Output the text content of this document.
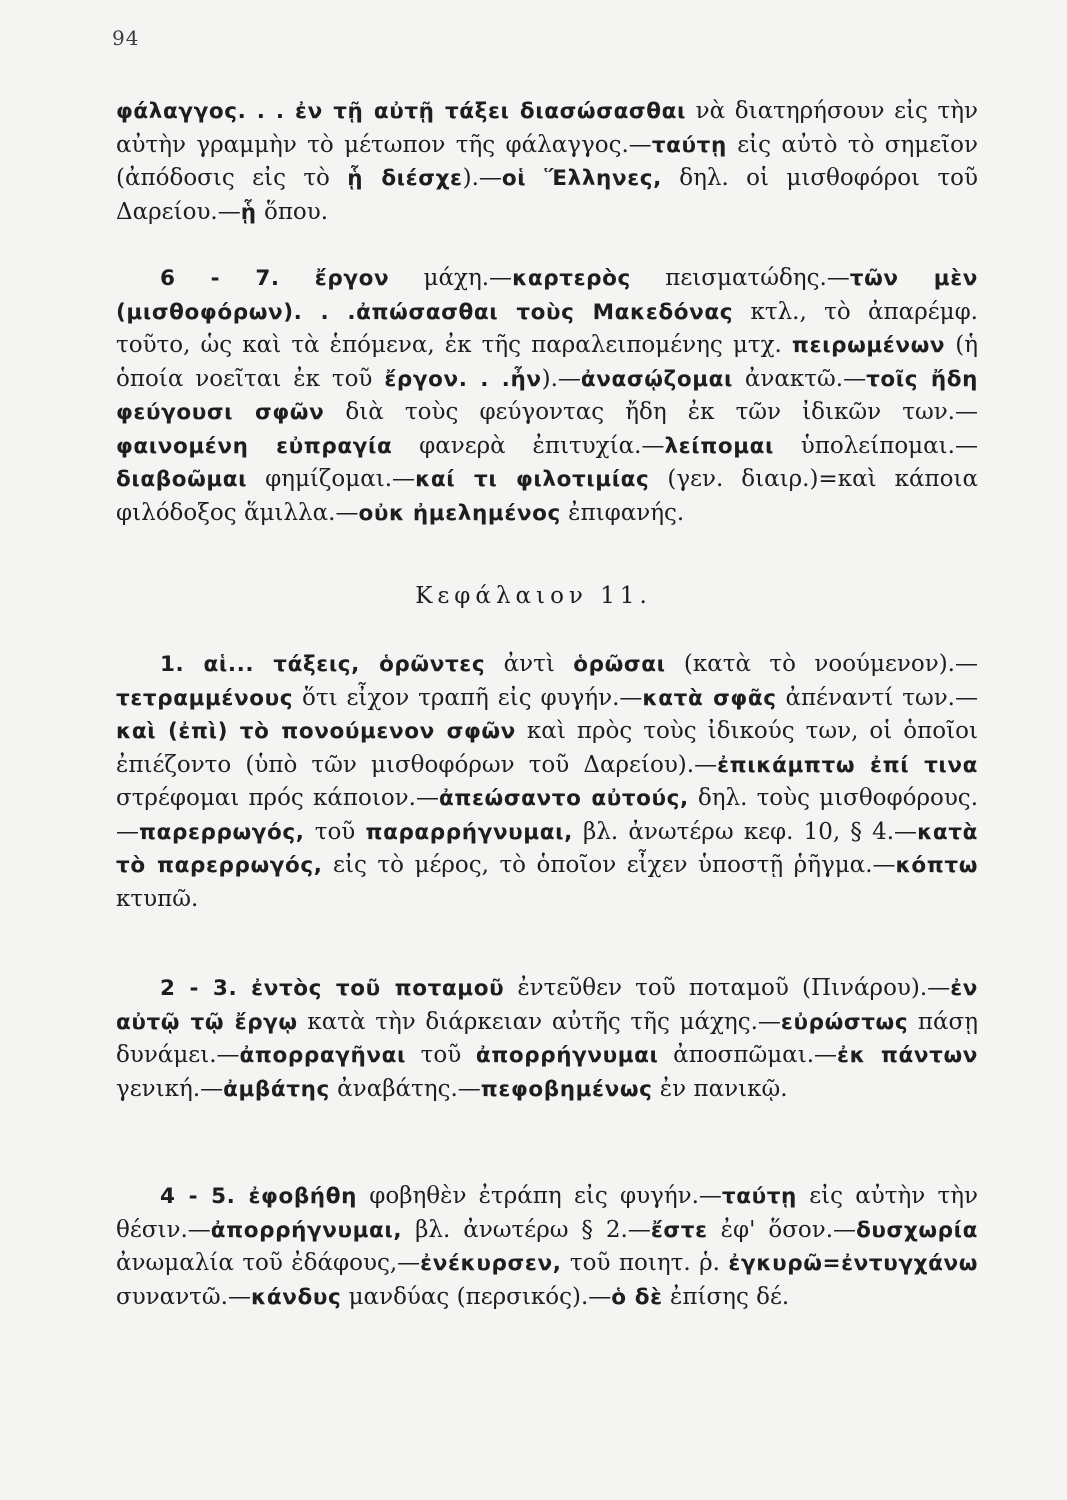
94

φάλαγγος. . . ἐν τῇ αὐτῇ τάξει διασώσασθαι νὰ διατηρήσουν εἰς τὴν αὐτὴν γραμμὴν τὸ μέτωπον τῆς φάλαγγος.—ταύτῃ εἰς αὐτὸ τὸ σημεῖον (ἀπόδοσις εἰς τὸ ᾗ διέσχε).—οἱ Ἕλληνες, δηλ. οἱ μισθοφόροι τοῦ Δαρείου.—ᾗ ὅπου.

6 - 7. ἔργον μάχη.—καρτερὸς πεισματώδης.—τῶν μὲν (μισθοφόρων). . .ἀπώσασθαι τοὺς Μακεδόνας κτλ., τὸ ἀπαρέμφ. τοῦτο, ὡς καὶ τὰ ἑπόμενα, ἐκ τῆς παραλειπομένης μτχ. πειρωμένων (ἡ ὁποία νοεῖται ἐκ τοῦ ἔργον. . .ἦν).—ἀνασῴζομαι ἀνακτῶ.—τοῖς ἤδη φεύγουσι σφῶν διὰ τοὺς φεύγοντας ἤδη ἐκ τῶν ἰδικῶν των.—φαινομένη εὐπραγία φανερὰ ἐπιτυχία.—λείπομαι ὑπολείπομαι.—διαβοῶμαι φημίζομαι.—καί τι φιλοτιμίας (γεν. διαιρ.)=καὶ κάποια φιλόδοξος ἅμιλλα.—οὐκ ἠμελημένος ἐπιφανής.

Κεφάλαιον 11.

1. αἱ... τάξεις, ὁρῶντες ἀντὶ ὁρῶσαι (κατὰ τὸ νοούμενον).—τετραμμένους ὅτι εἶχον τραπῆ εἰς φυγήν.—κατὰ σφᾶς ἀπέναντί των.—καὶ (ἐπὶ) τὸ πονούμενον σφῶν καὶ πρὸς τοὺς ἰδικούς των, οἱ ὁποῖοι ἐπιέζοντο (ὑπὸ τῶν μισθοφόρων τοῦ Δαρείου).—ἐπικάμπτω ἐπί τινα στρέφομαι πρός κάποιον.—ἀπεώσαντο αὐτούς, δηλ. τοὺς μισθοφόρους.—παρερρωγός, τοῦ παραρρήγνυμαι, βλ. ἀνωτέρω κεφ. 10, § 4.—κατὰ τὸ παρερρωγός, εἰς τὸ μέρος, τὸ ὁποῖον εἶχεν ὑποστῇ ῥῆγμα.—κόπτω κτυπῶ.

2 - 3. ἐντὸς τοῦ ποταμοῦ ἐντεῦθεν τοῦ ποταμοῦ (Πινάρου).—ἐν αὐτῷ τῷ ἔργῳ κατὰ τὴν διάρκειαν αὐτῆς τῆς μάχης.—εὐρώστως πάσῃ δυνάμει.—ἀπορραγῆναι τοῦ ἀπορρήγνυμαι ἀποσπῶμαι.—ἐκ πάντων γενική.—ἀμβάτης ἀναβάτης.—πεφοβημένως ἐν πανικῷ.

4 - 5. ἐφοβήθη φοβηθὲν ἐτράπη εἰς φυγήν.—ταύτῃ εἰς αὐτὴν τὴν θέσιν.—ἀπορρήγνυμαι, βλ. ἀνωτέρω § 2.—ἔστε ἐφ' ὅσον.—δυσχωρία ἀνωμαλία τοῦ ἐδάφους,—ἐνέκυρσεν, τοῦ ποιητ. ῥ. ἐγκυρῶ=ἐντυγχάνω συναντῶ.—κάνδυς μανδύας (περσικός).—ὁ δὲ ἐπίσης δέ.
